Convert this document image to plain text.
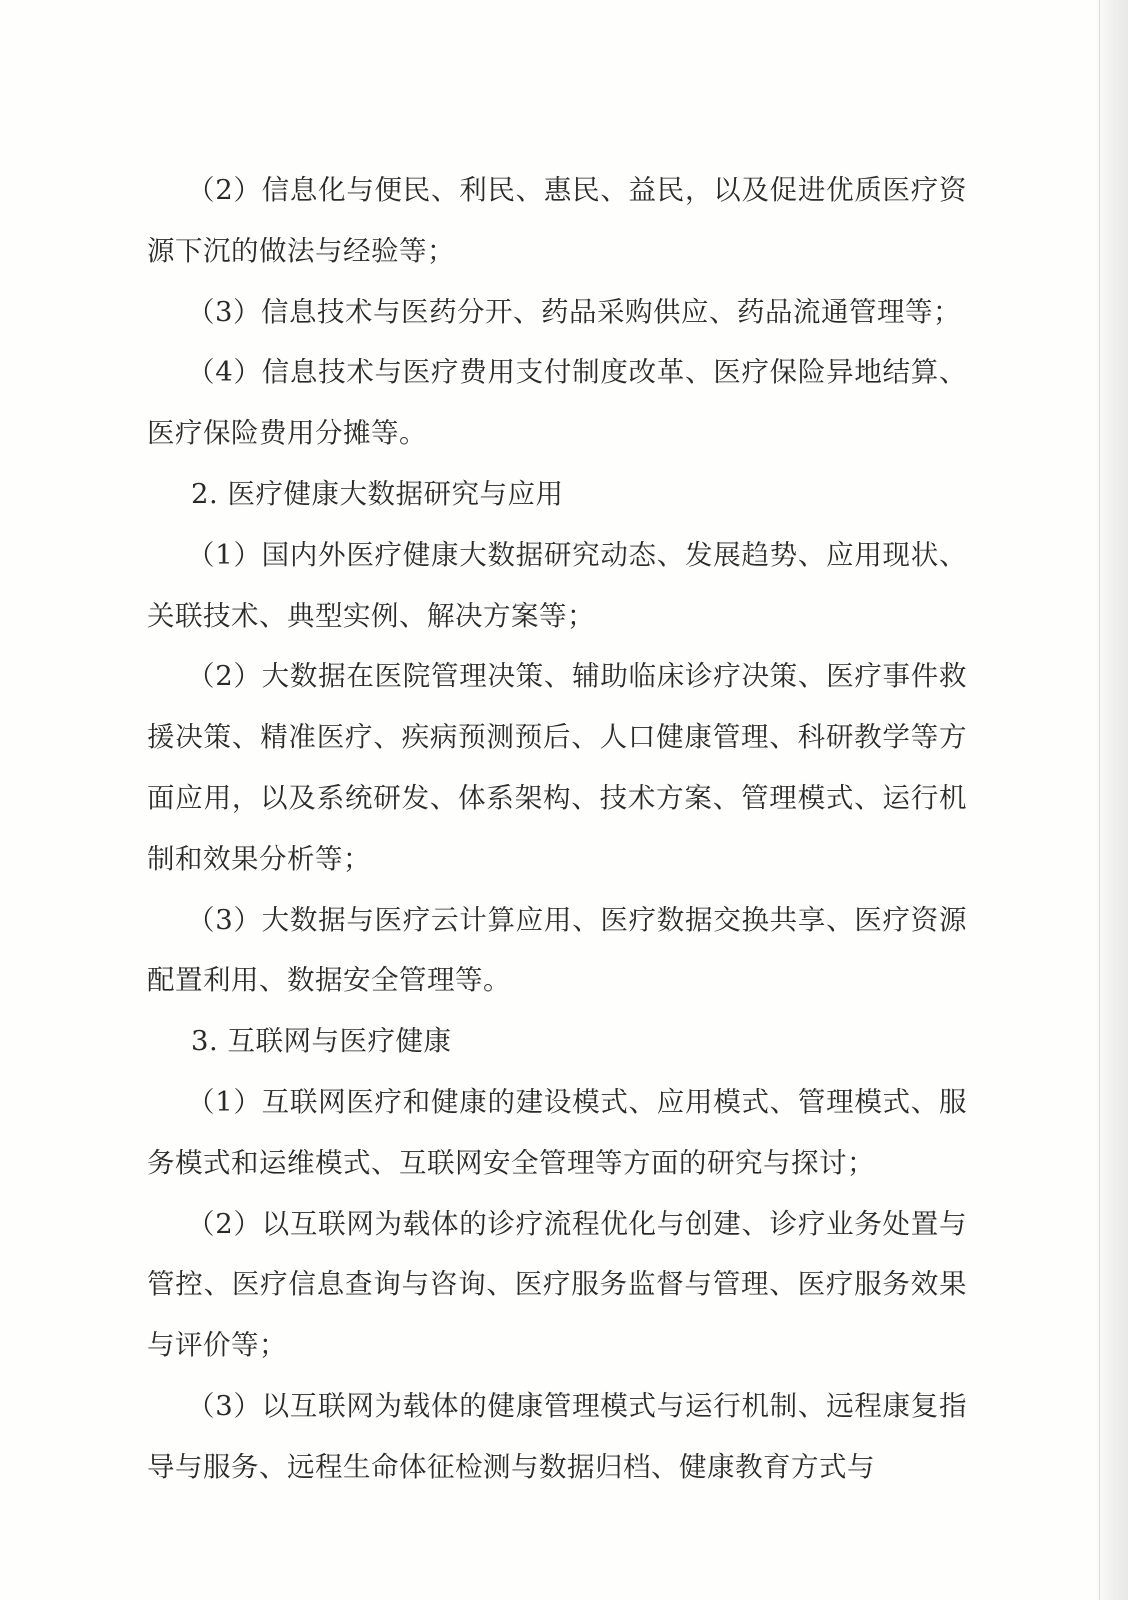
（2）信息化与便民、利民、惠民、益民，以及促进优质医疗资源下沉的做法与经验等；

（3）信息技术与医药分开、药品采购供应、药品流通管理等；

（4）信息技术与医疗费用支付制度改革、医疗保险异地结算、医疗保险费用分摊等。

2. 医疗健康大数据研究与应用

（1）国内外医疗健康大数据研究动态、发展趋势、应用现状、关联技术、典型实例、解决方案等；

（2）大数据在医院管理决策、辅助临床诊疗决策、医疗事件救援决策、精准医疗、疾病预测预后、人口健康管理、科研教学等方面应用，以及系统研发、体系架构、技术方案、管理模式、运行机制和效果分析等；

（3）大数据与医疗云计算应用、医疗数据交换共享、医疗资源配置利用、数据安全管理等。

3. 互联网与医疗健康

（1）互联网医疗和健康的建设模式、应用模式、管理模式、服务模式和运维模式、互联网安全管理等方面的研究与探讨；

（2）以互联网为载体的诊疗流程优化与创建、诊疗业务处置与管控、医疗信息查询与咨询、医疗服务监督与管理、医疗服务效果与评价等；

（3）以互联网为载体的健康管理模式与运行机制、远程康复指导与服务、远程生命体征检测与数据归档、健康教育方式与
